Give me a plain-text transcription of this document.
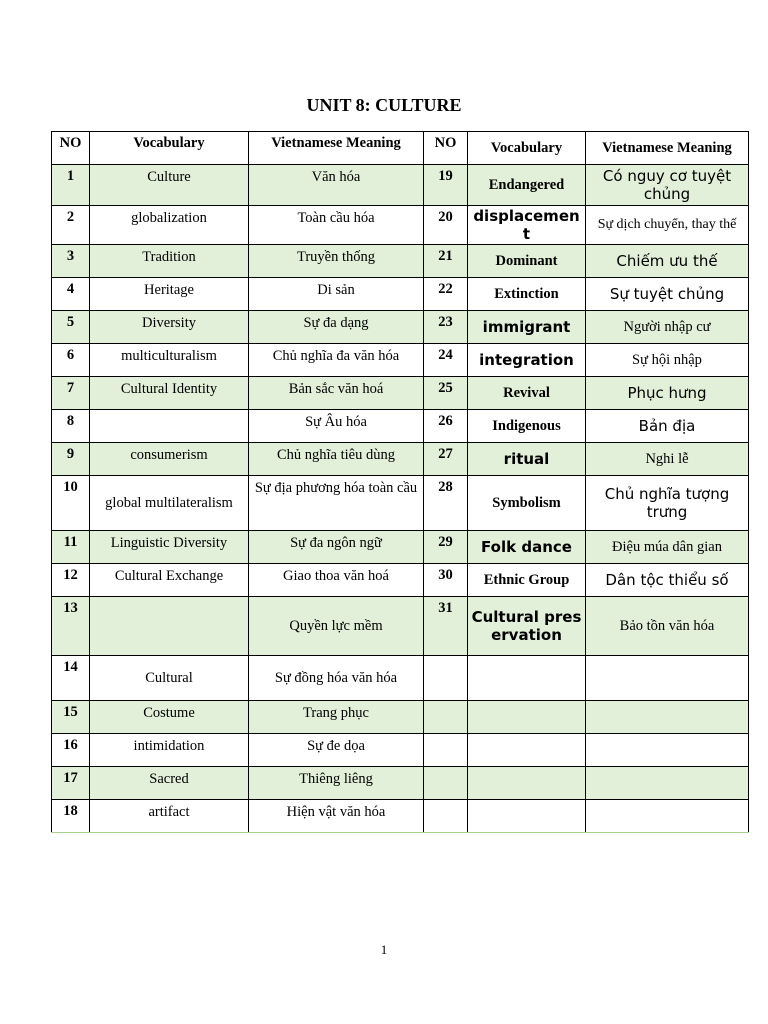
UNIT 8: CULTURE
NO	Vocabulary	Vietnamese Meaning	NO	Vocabulary	Vietnamese Meaning
1	Culture	Văn hóa	19	Endangered	Có nguy cơ tuyệt chủng
2	globalization	Toàn cầu hóa	20	displacement	Sự dịch chuyển, thay thế
3	Tradition	Truyền thống	21	Dominant	Chiếm ưu thế
4	Heritage	Di sản	22	Extinction	Sự tuyệt chủng
5	Diversity	Sự đa dạng	23	immigrant	Người nhập cư
6	multiculturalism	Chủ nghĩa đa văn hóa	24	integration	Sự hội nhập
7	Cultural Identity	Bản sắc văn hoá	25	Revival	Phục hưng
8		Sự Âu hóa	26	Indigenous	Bản địa
9	consumerism	Chủ nghĩa tiêu dùng	27	ritual	Nghi lễ
10	global multilateralism	Sự địa phương hóa toàn cầu	28	Symbolism	Chủ nghĩa tượng trưng
11	Linguistic Diversity	Sự đa ngôn ngữ	29	Folk dance	Điệu múa dân gian
12	Cultural Exchange	Giao thoa văn hoá	30	Ethnic Group	Dân tộc thiểu số
13		Quyền lực mềm	31	Cultural preservation	Bảo tồn văn hóa
14	Cultural	Sự đồng hóa văn hóa			
15	Costume	Trang phục			
16	intimidation	Sự đe dọa			
17	Sacred	Thiêng liêng			
18	artifact	Hiện vật văn hóa			
1
